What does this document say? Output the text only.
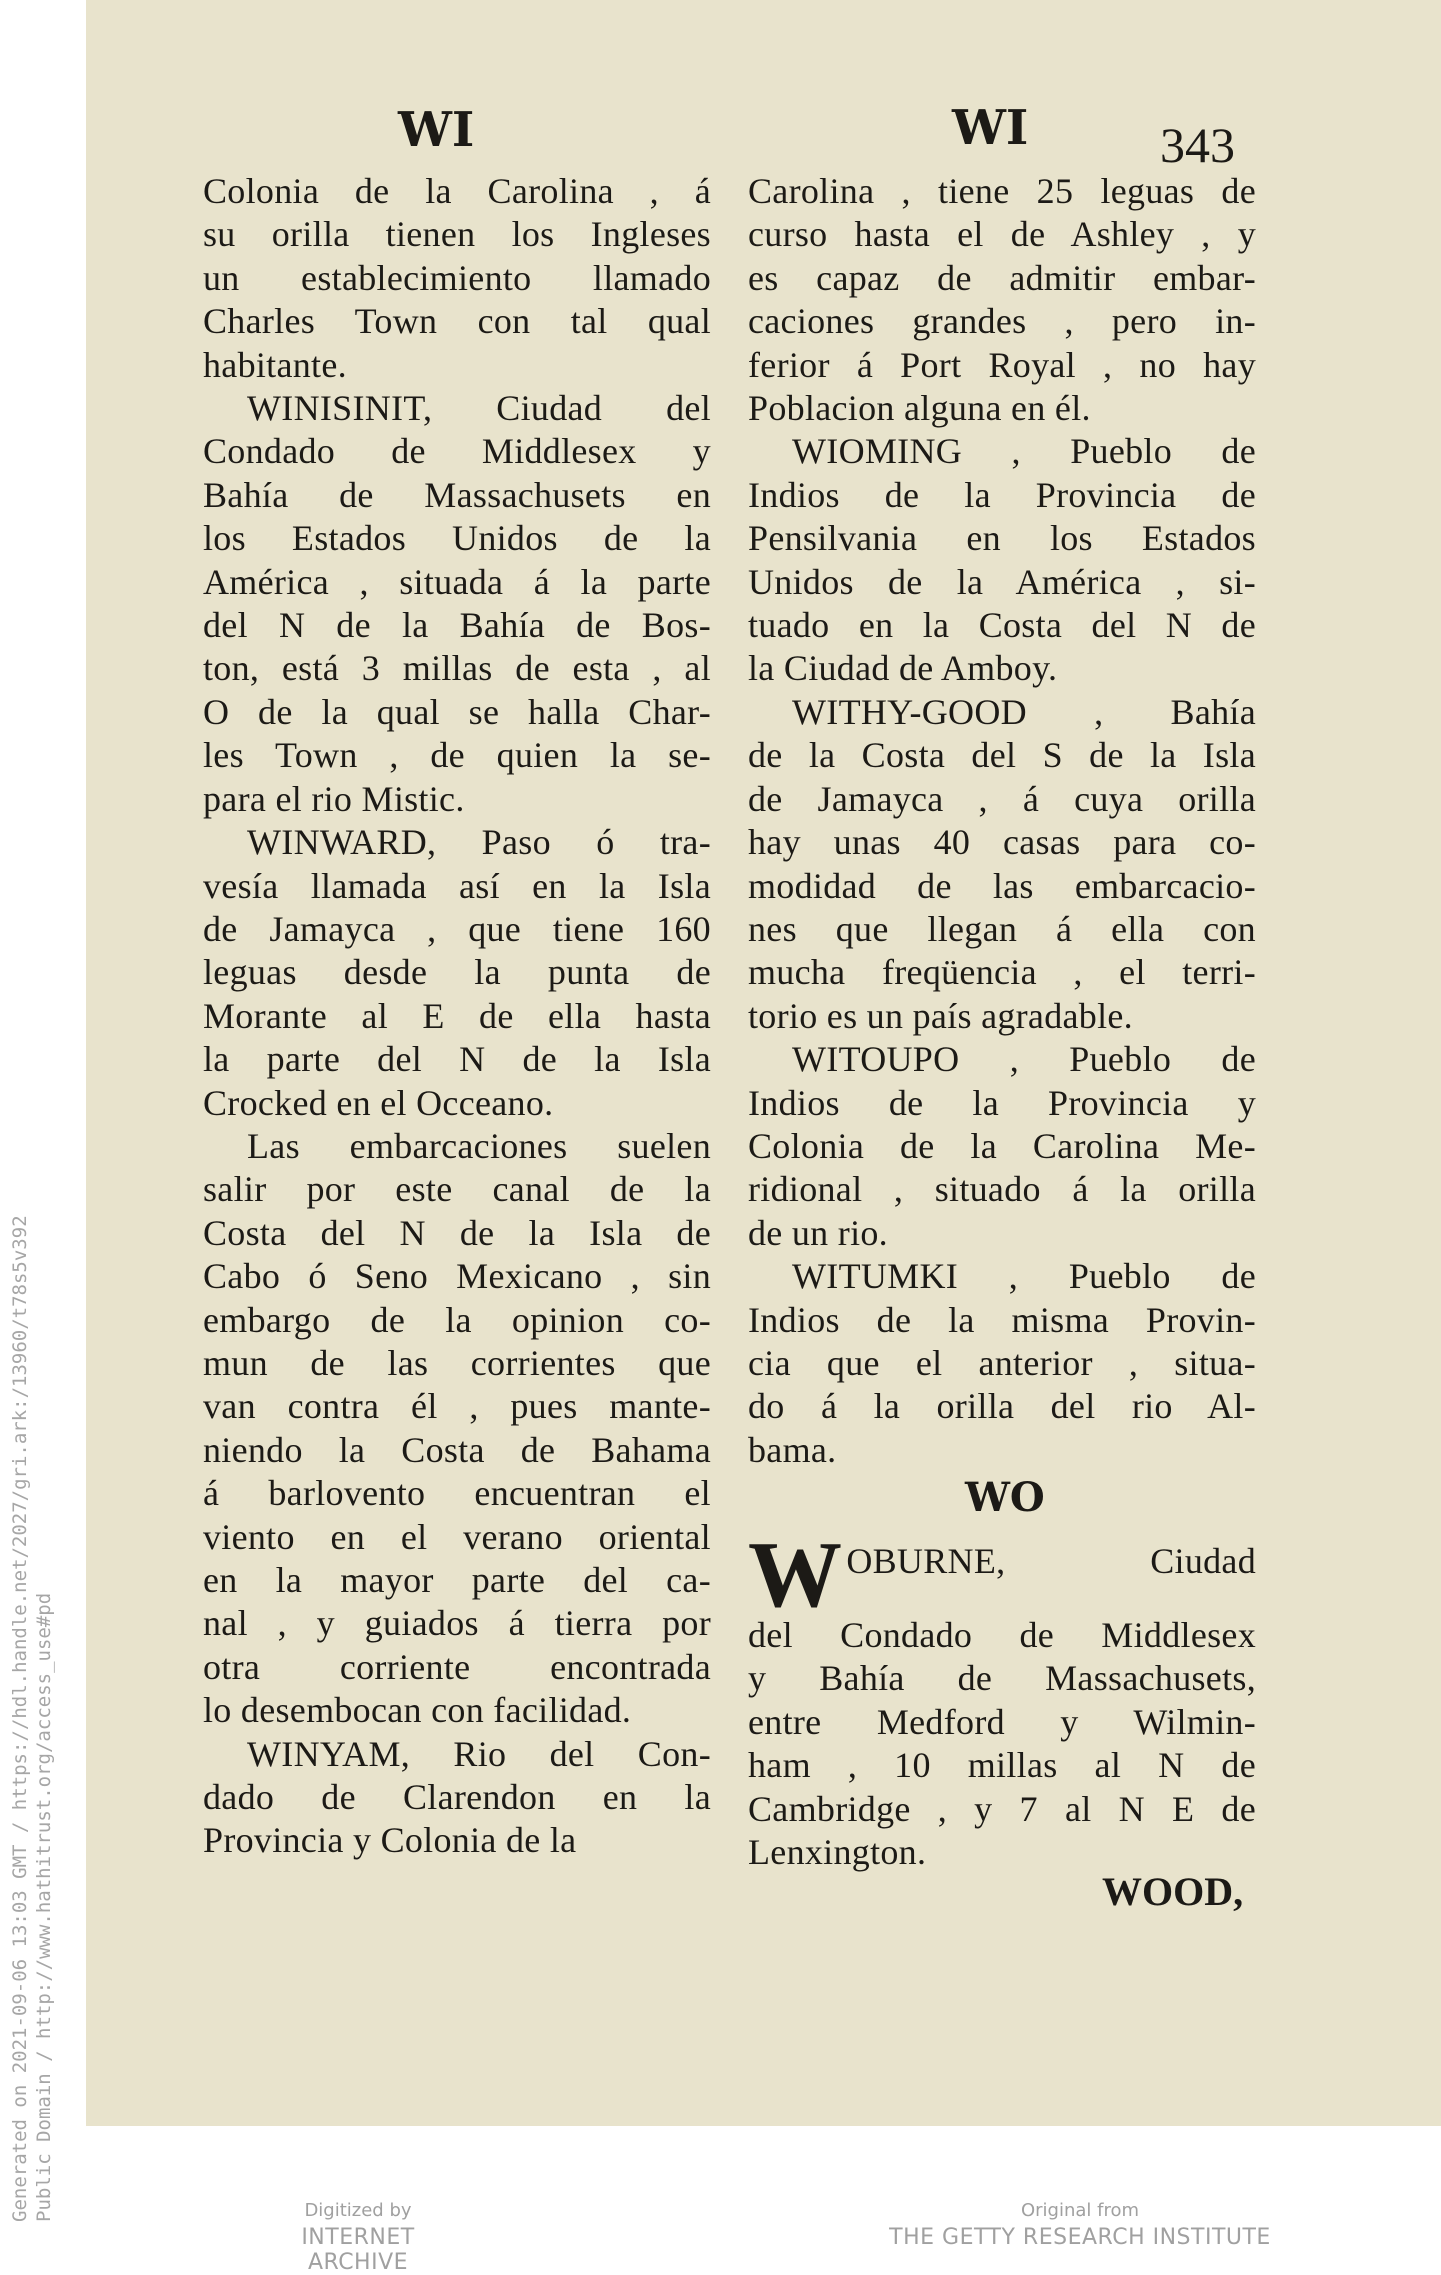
WI	WI	343
Colonia de la Carolina , á
su orilla tienen los Ingleses
un establecimiento llamado
Charles Town con tal qual
habitante.
WINISINIT, Ciudad del
Condado de Middlesex y
Bahía de Massachusets en
los Estados Unidos de la
América , situada á la parte
del N de la Bahía de Bos-
ton, está 3 millas de esta , al
O de la qual se halla Char-
les Town , de quien la se-
para el rio Mistic.
WINWARD, Paso ó tra-
vesía llamada así en la Isla
de Jamayca , que tiene 160
leguas desde la punta de
Morante al E de ella hasta
la parte del N de la Isla
Crocked en el Occeano.
Las embarcaciones suelen
salir por este canal de la
Costa del N de la Isla de
Cabo ó Seno Mexicano , sin
embargo de la opinion co-
mun de las corrientes que
van contra él , pues mante-
niendo la Costa de Bahama
á barlovento encuentran el
viento en el verano oriental
en la mayor parte del ca-
nal , y guiados á tierra por
otra corriente encontrada
lo desembocan con facilidad.
WINYAM, Rio del Con-
dado de Clarendon en la
Provincia y Colonia de la
Carolina , tiene 25 leguas de
curso hasta el de Ashley , y
es capaz de admitir embar-
caciones grandes , pero in-
ferior á Port Royal , no hay
Poblacion alguna en él.
WIOMING , Pueblo de
Indios de la Provincia de
Pensilvania en los Estados
Unidos de la América , si-
tuado en la Costa del N de
la Ciudad de Amboy.
WITHY-GOOD , Bahía
de la Costa del S de la Isla
de Jamayca , á cuya orilla
hay unas 40 casas para co-
modidad de las embarcacio-
nes que llegan á ella con
mucha freqüencia , el terri-
torio es un país agradable.
WITOUPO , Pueblo de
Indios de la Provincia y
Colonia de la Carolina Me-
ridional , situado á la orilla
de un rio.
WITUMKI , Pueblo de
Indios de la misma Provin-
cia que el anterior , situa-
do á la orilla del rio Al-
bama.
WO
W OBURNE, Ciudad
del Condado de Middlesex
y Bahía de Massachusets,
entre Medford y Wilmin-
ham , 10 millas al N de
Cambridge , y 7 al N E de
Lenxington.
WOOD,
Generated on 2021-09-06 13:03 GMT / https://hdl.handle.net/2027/gri.ark:/13960/t78s5v392 Public Domain / http://www.hathitrust.org/access_use#pd	Digitized by
INTERNET ARCHIVE
Original from
THE GETTY RESEARCH INSTITUTE
